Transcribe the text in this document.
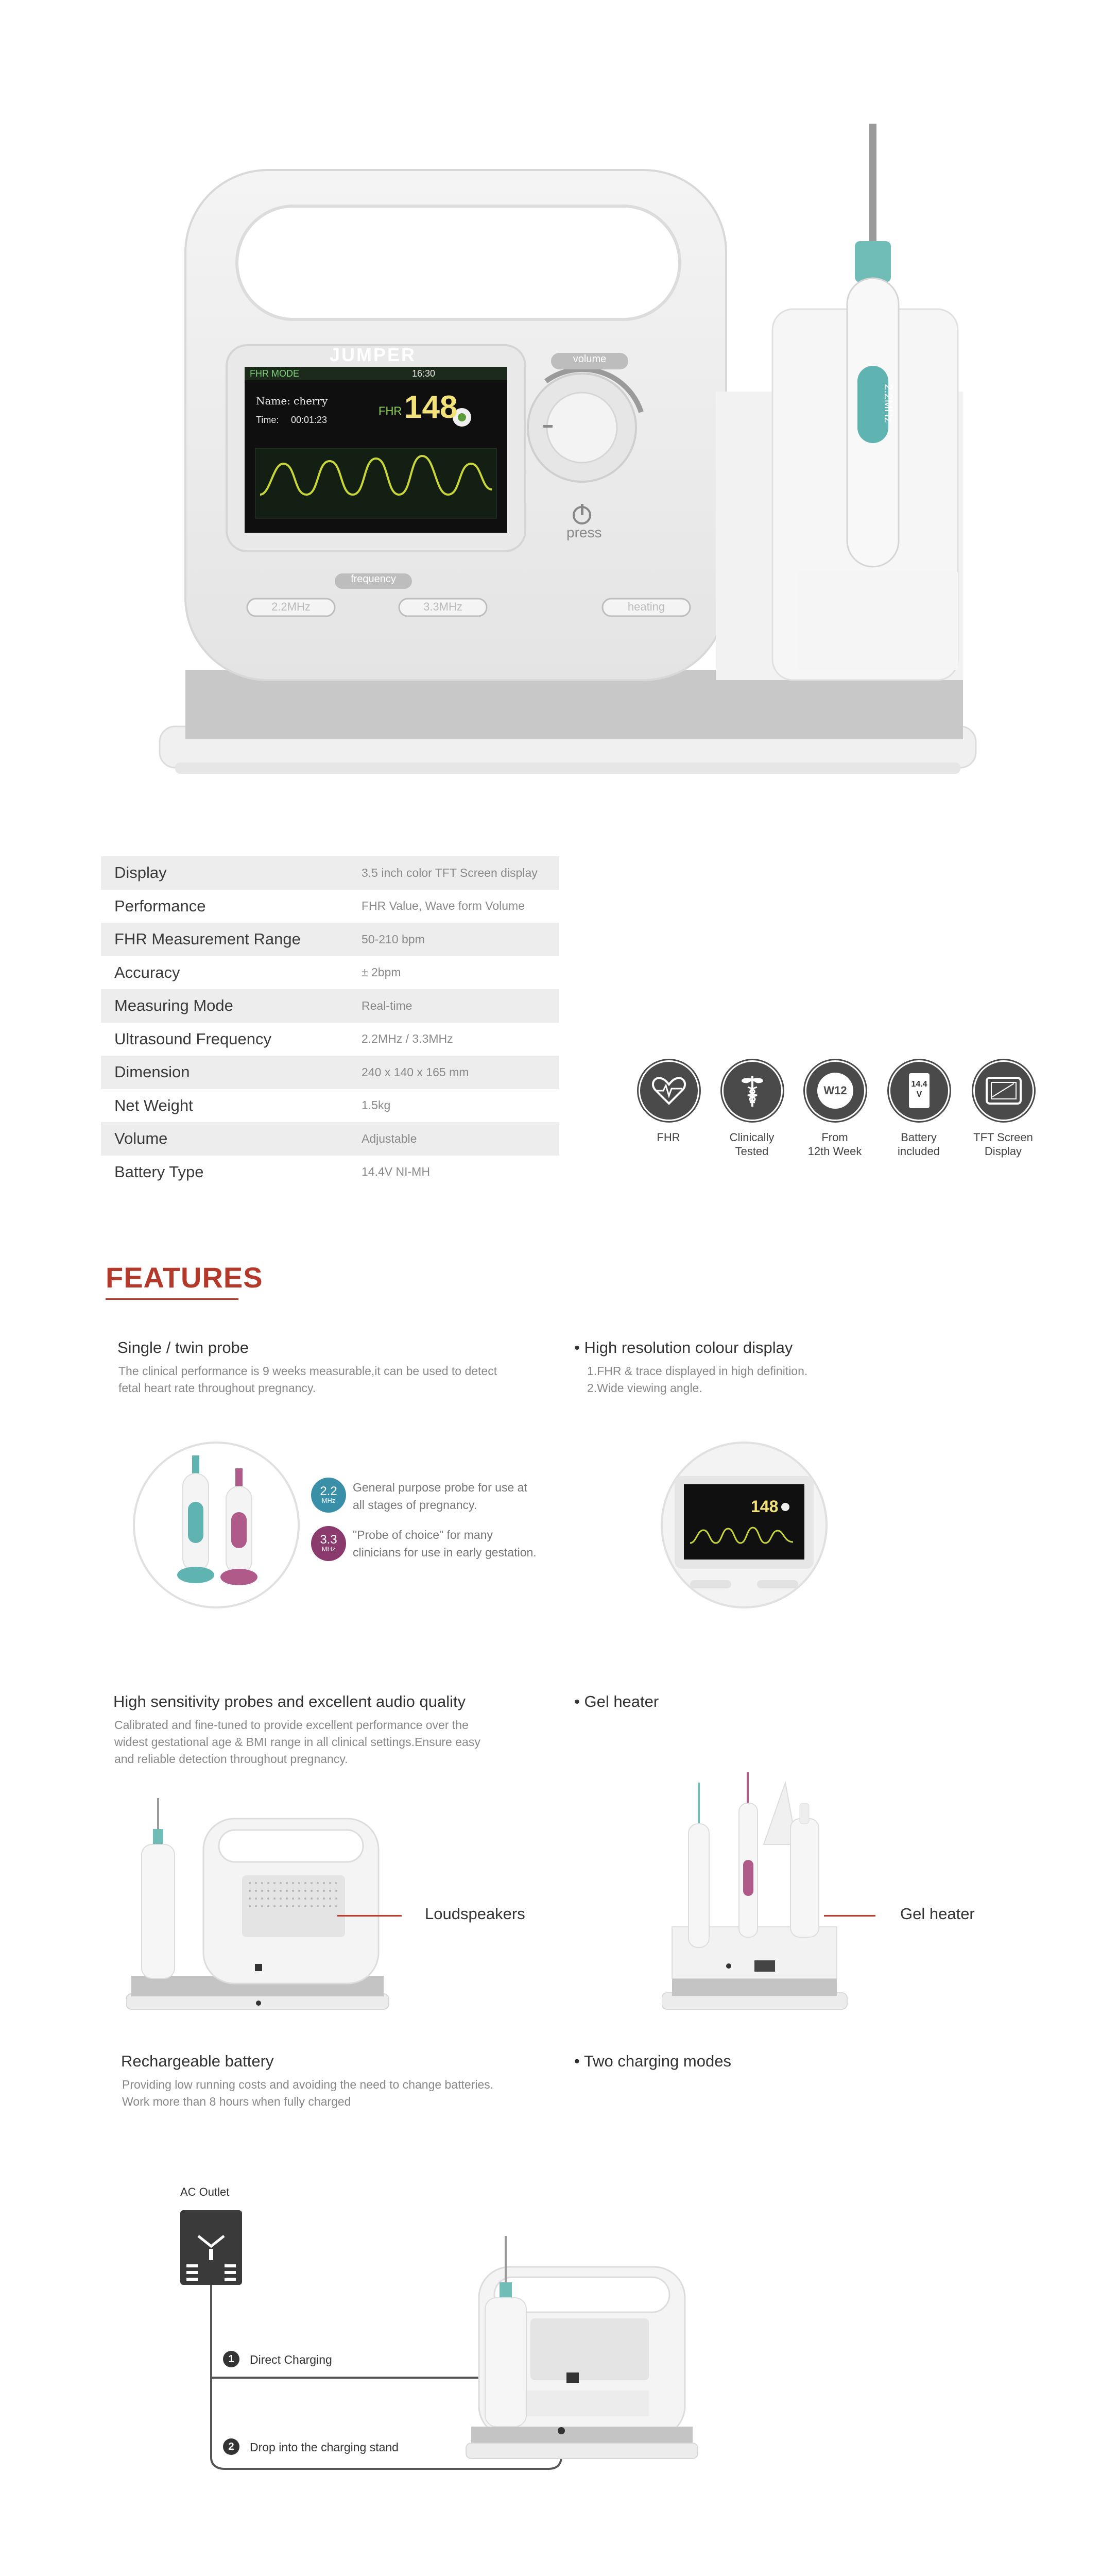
JUMPER
FHR MODE	16:30
Name: cherry
Time: 00:01:23
FHR 148
volume
press
frequency
2.2MHz	3.3MHz	heating
2.2MHz
Display	3.5 inch color TFT Screen display
Performance	FHR Value, Wave form Volume
FHR Measurement Range	50-210 bpm
Accuracy	± 2bpm
Measuring Mode	Real-time
Ultrasound Frequency	2.2MHz / 3.3MHz
Dimension	240 x 140 x 165 mm
Net Weight	1.5kg
Volume	Adjustable
Battery Type	14.4V NI-MH
FHR	Clinically
Tested
W12
From
12th Week
14.4
V
Battery
included
TFT Screen
Display
FEATURES
Single / twin probe
The clinical performance is 9 weeks measurable,it can be used to detect
fetal heart rate throughout pregnancy.
• High resolution colour display
1.FHR & trace displayed in high definition.
2.Wide viewing angle.
2.2
MHz
General purpose probe for use at
all stages of pregnancy.
3.3
MHz
"Probe of choice" for many
clinicians for use in early gestation.
148
High sensitivity probes and excellent audio quality
Calibrated and fine-tuned to provide excellent performance over the
widest gestational age & BMI range in all clinical settings.Ensure easy
and reliable detection throughout pregnancy.
• Gel heater
Loudspeakers	Gel heater
Rechargeable battery
Providing low running costs and avoiding the need to change batteries.
Work more than 8 hours when fully charged
• Two charging modes
AC Outlet
1	Direct Charging
2	Drop into the charging stand
